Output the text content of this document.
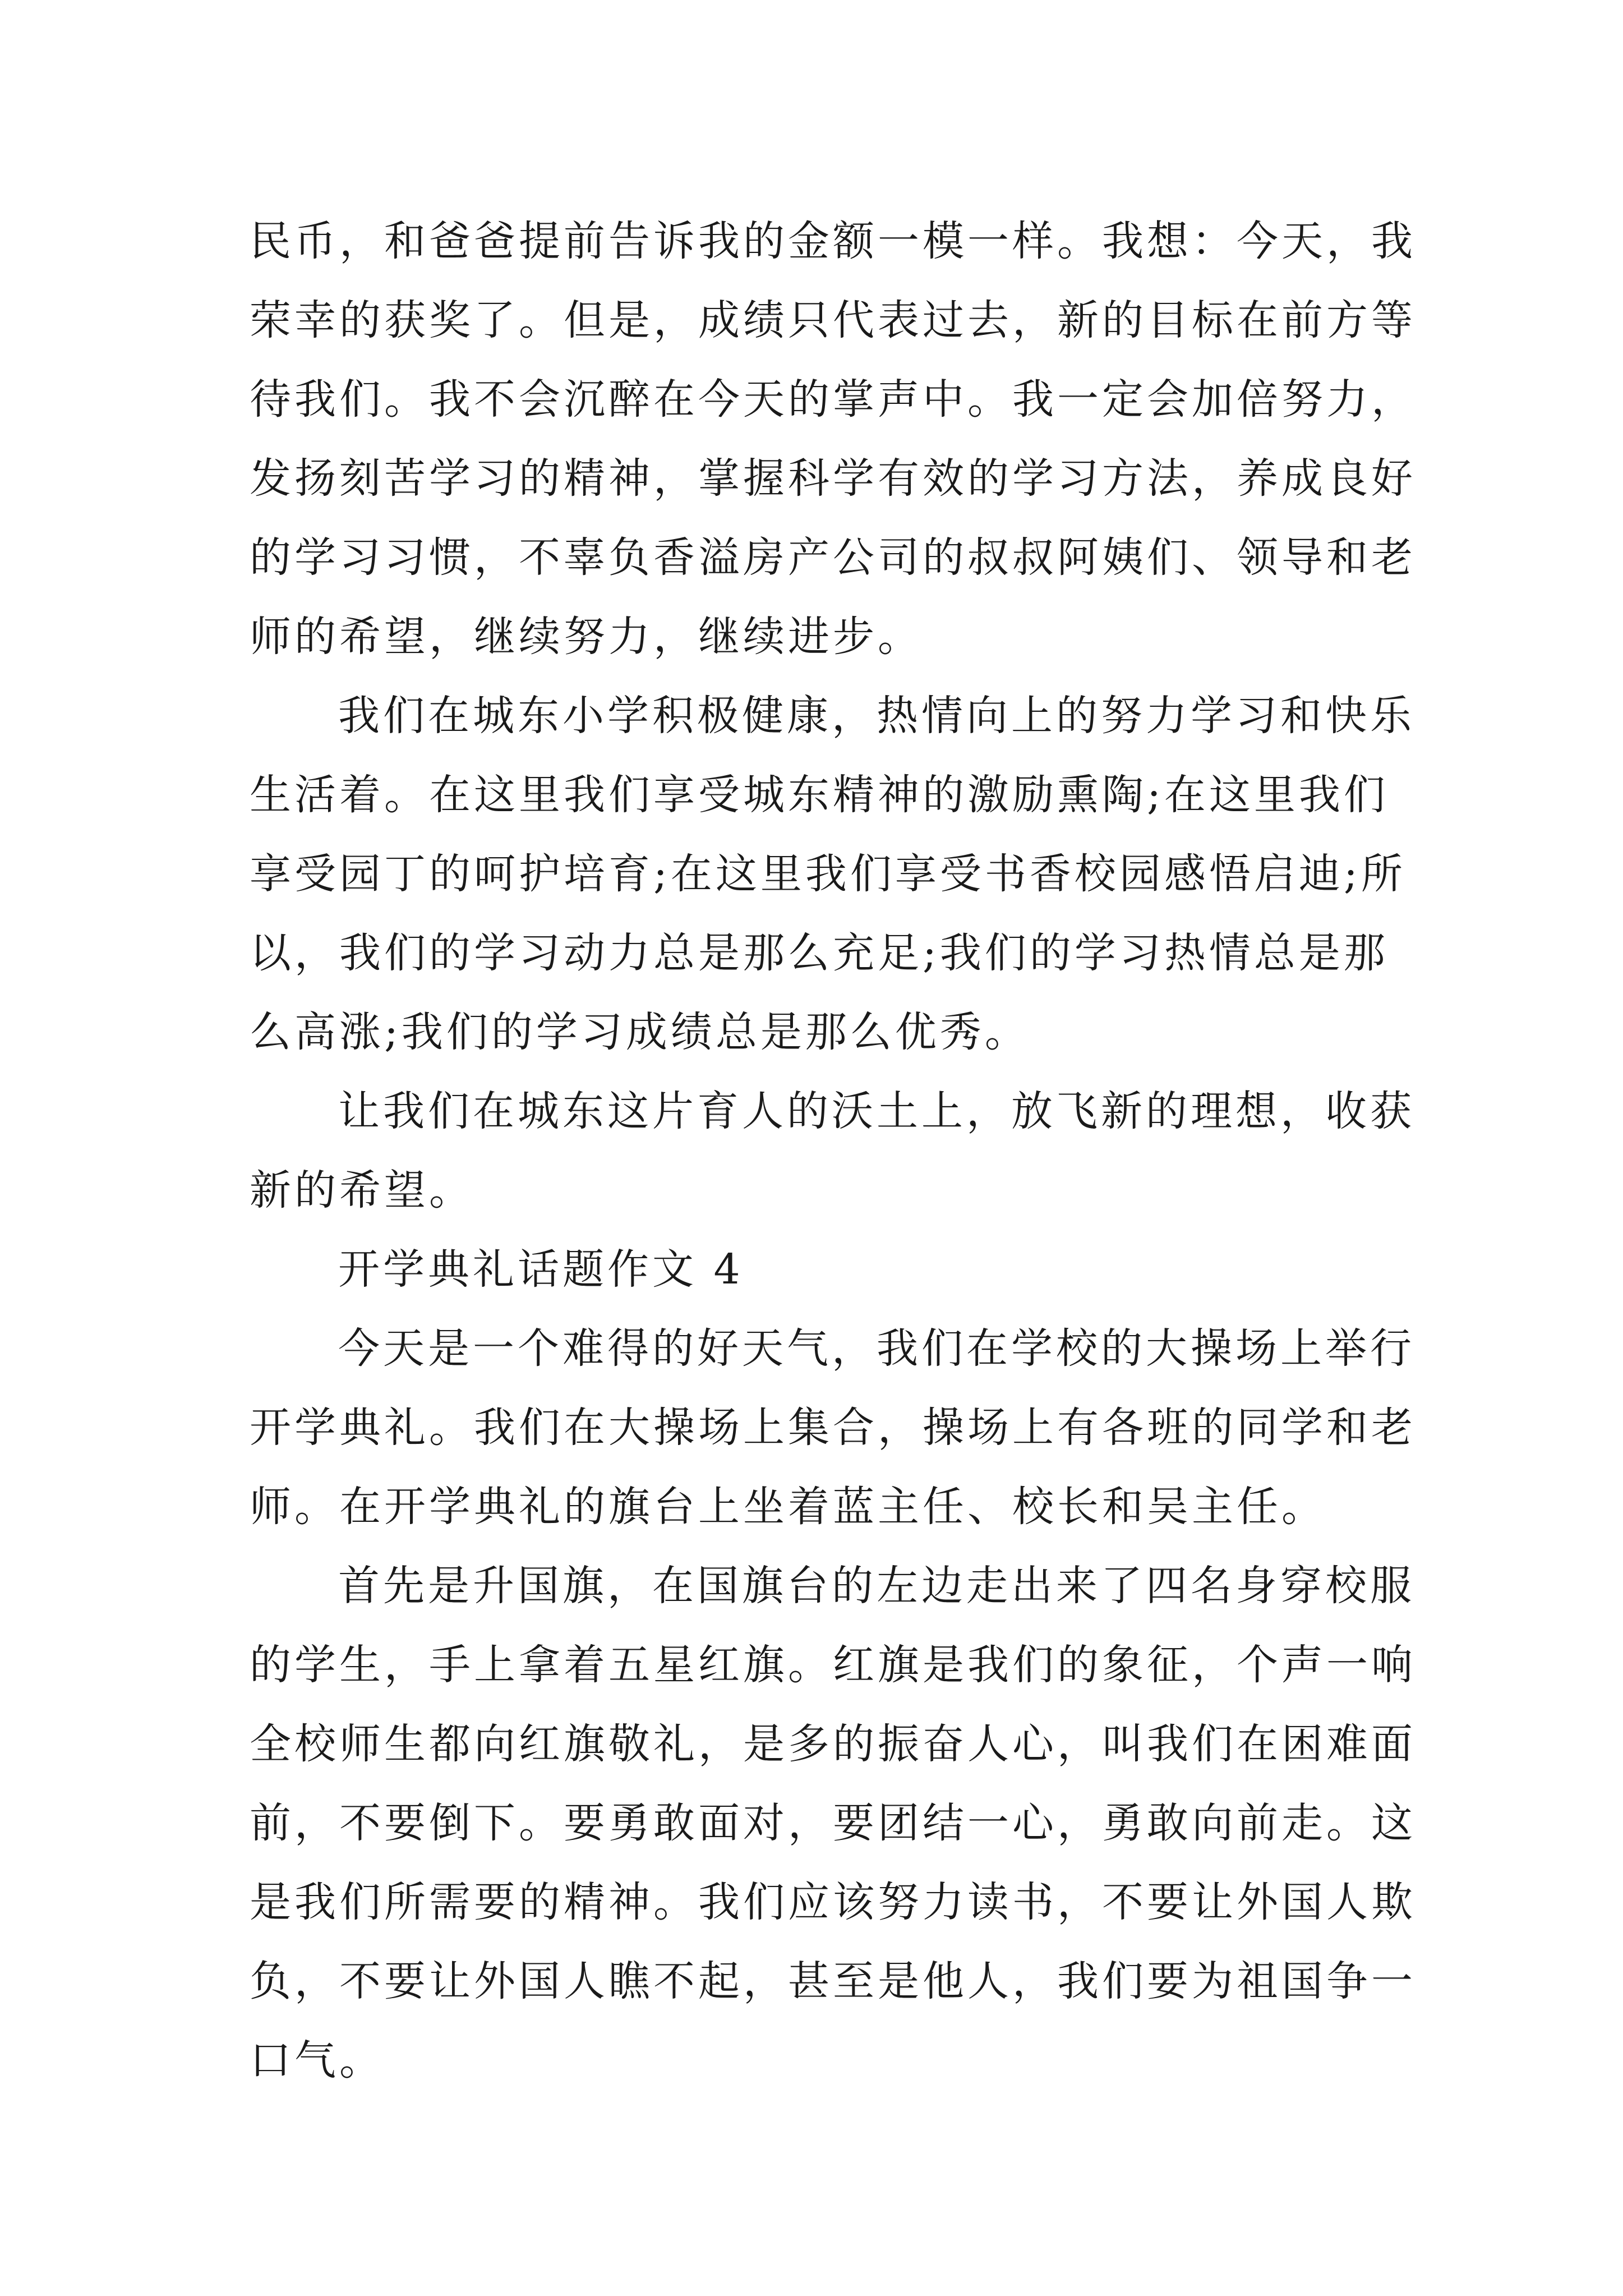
民币，和爸爸提前告诉我的金额一模一样。我想：今天，我
荣幸的获奖了。但是，成绩只代表过去，新的目标在前方等
待我们。我不会沉醉在今天的掌声中。我一定会加倍努力，
发扬刻苦学习的精神，掌握科学有效的学习方法，养成良好
的学习习惯，不辜负香溢房产公司的叔叔阿姨们、领导和老
师的希望，继续努力，继续进步。
我们在城东小学积极健康，热情向上的努力学习和快乐
生活着。在这里我们享受城东精神的激励熏陶;在这里我们
享受园丁的呵护培育;在这里我们享受书香校园感悟启迪;所
以，我们的学习动力总是那么充足;我们的学习热情总是那
么高涨;我们的学习成绩总是那么优秀。
让我们在城东这片育人的沃土上，放飞新的理想，收获
新的希望。
开学典礼话题作文 4
今天是一个难得的好天气，我们在学校的大操场上举行
开学典礼。我们在大操场上集合，操场上有各班的同学和老
师。在开学典礼的旗台上坐着蓝主任、校长和吴主任。
首先是升国旗，在国旗台的左边走出来了四名身穿校服
的学生，手上拿着五星红旗。红旗是我们的象征，个声一响
全校师生都向红旗敬礼，是多的振奋人心，叫我们在困难面
前，不要倒下。要勇敢面对，要团结一心，勇敢向前走。这
是我们所需要的精神。我们应该努力读书，不要让外国人欺
负，不要让外国人瞧不起，甚至是他人，我们要为祖国争一
口气。
